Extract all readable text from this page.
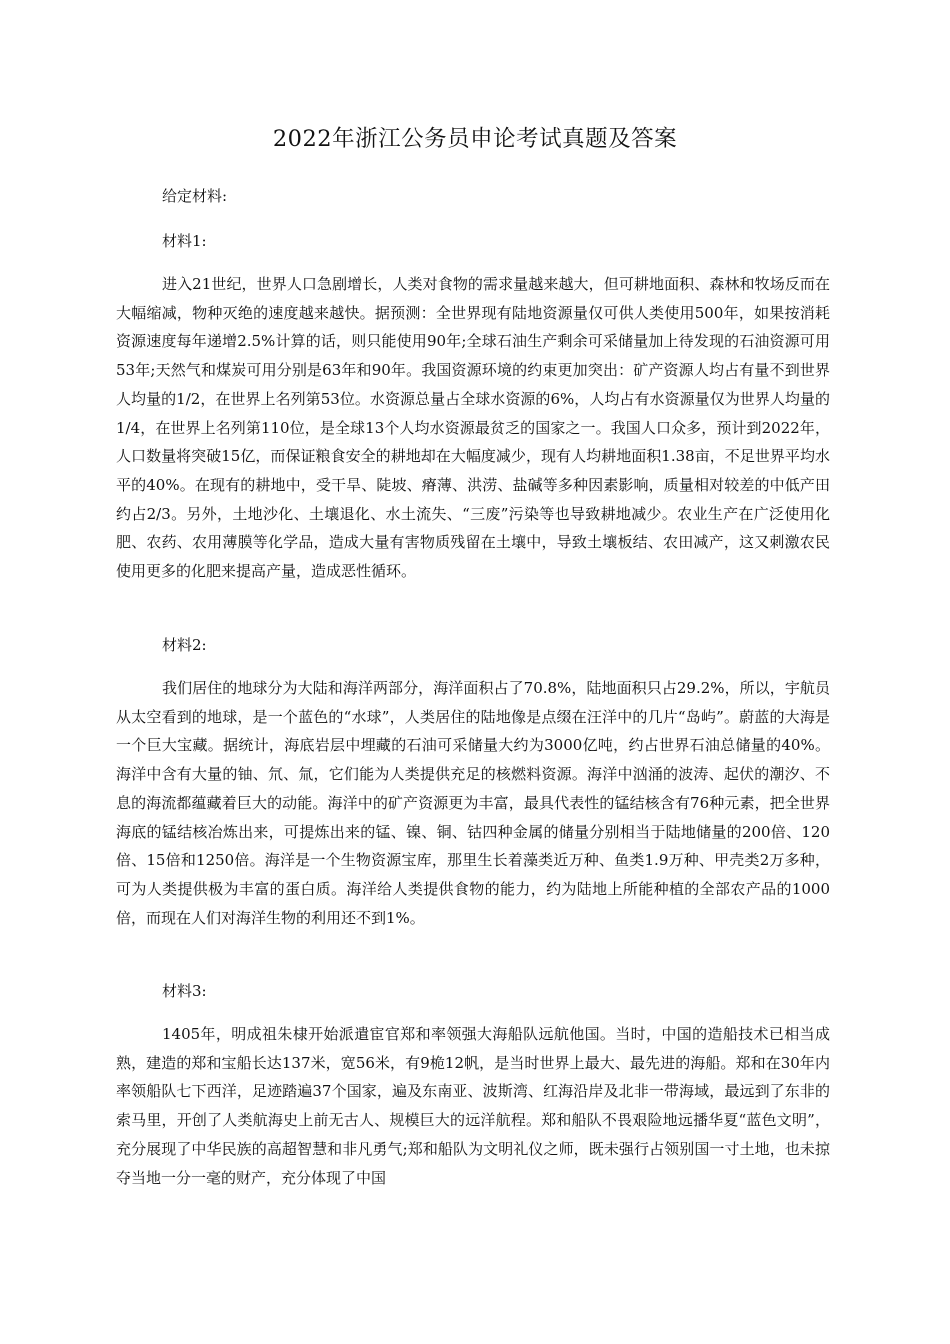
2022年浙江公务员申论考试真题及答案

给定材料:

材料1:

进入21世纪，世界人口急剧增长，人类对食物的需求量越来越大，但可耕地面积、森林和牧场反而在大幅缩减，物种灭绝的速度越来越快。据预测：全世界现有陆地资源量仅可供人类使用500年，如果按消耗资源速度每年递增2.5%计算的话，则只能使用90年;全球石油生产剩余可采储量加上待发现的石油资源可用53年;天然气和煤炭可用分别是63年和90年。我国资源环境的约束更加突出：矿产资源人均占有量不到世界人均量的1/2，在世界上名列第53位。水资源总量占全球水资源的6%，人均占有水资源量仅为世界人均量的1/4，在世界上名列第110位，是全球13个人均水资源最贫乏的国家之一。我国人口众多，预计到2022年，人口数量将突破15亿，而保证粮食安全的耕地却在大幅度减少，现有人均耕地面积1.38亩，不足世界平均水平的40%。在现有的耕地中，受干旱、陡坡、瘠薄、洪涝、盐碱等多种因素影响，质量相对较差的中低产田约占2/3。另外，土地沙化、土壤退化、水土流失、“三废”污染等也导致耕地减少。农业生产在广泛使用化肥、农药、农用薄膜等化学品，造成大量有害物质残留在土壤中，导致土壤板结、农田减产，这又刺激农民使用更多的化肥来提高产量，造成恶性循环。

材料2:

我们居住的地球分为大陆和海洋两部分，海洋面积占了70.8%，陆地面积只占29.2%，所以，宇航员从太空看到的地球，是一个蓝色的“水球”，人类居住的陆地像是点缀在汪洋中的几片“岛屿”。蔚蓝的大海是一个巨大宝藏。据统计，海底岩层中埋藏的石油可采储量大约为3000亿吨，约占世界石油总储量的40%。海洋中含有大量的铀、氘、氚，它们能为人类提供充足的核燃料资源。海洋中汹涌的波涛、起伏的潮汐、不息的海流都蕴藏着巨大的动能。海洋中的矿产资源更为丰富，最具代表性的锰结核含有76种元素，把全世界海底的锰结核冶炼出来，可提炼出来的锰、镍、铜、钴四种金属的储量分别相当于陆地储量的200倍、120倍、15倍和1250倍。海洋是一个生物资源宝库，那里生长着藻类近万种、鱼类1.9万种、甲壳类2万多种，可为人类提供极为丰富的蛋白质。海洋给人类提供食物的能力，约为陆地上所能种植的全部农产品的1000倍，而现在人们对海洋生物的利用还不到1%。

材料3:

1405年，明成祖朱棣开始派遣宦官郑和率领强大海船队远航他国。当时，中国的造船技术已相当成熟，建造的郑和宝船长达137米，宽56米，有9桅12帆，是当时世界上最大、最先进的海船。郑和在30年内率领船队七下西洋，足迹踏遍37个国家，遍及东南亚、波斯湾、红海沿岸及北非一带海域，最远到了东非的索马里，开创了人类航海史上前无古人、规模巨大的远洋航程。郑和船队不畏艰险地远播华夏“蓝色文明”，充分展现了中华民族的高超智慧和非凡勇气;郑和船队为文明礼仪之师，既未强行占领别国一寸土地，也未掠夺当地一分一毫的财产，充分体现了中国
